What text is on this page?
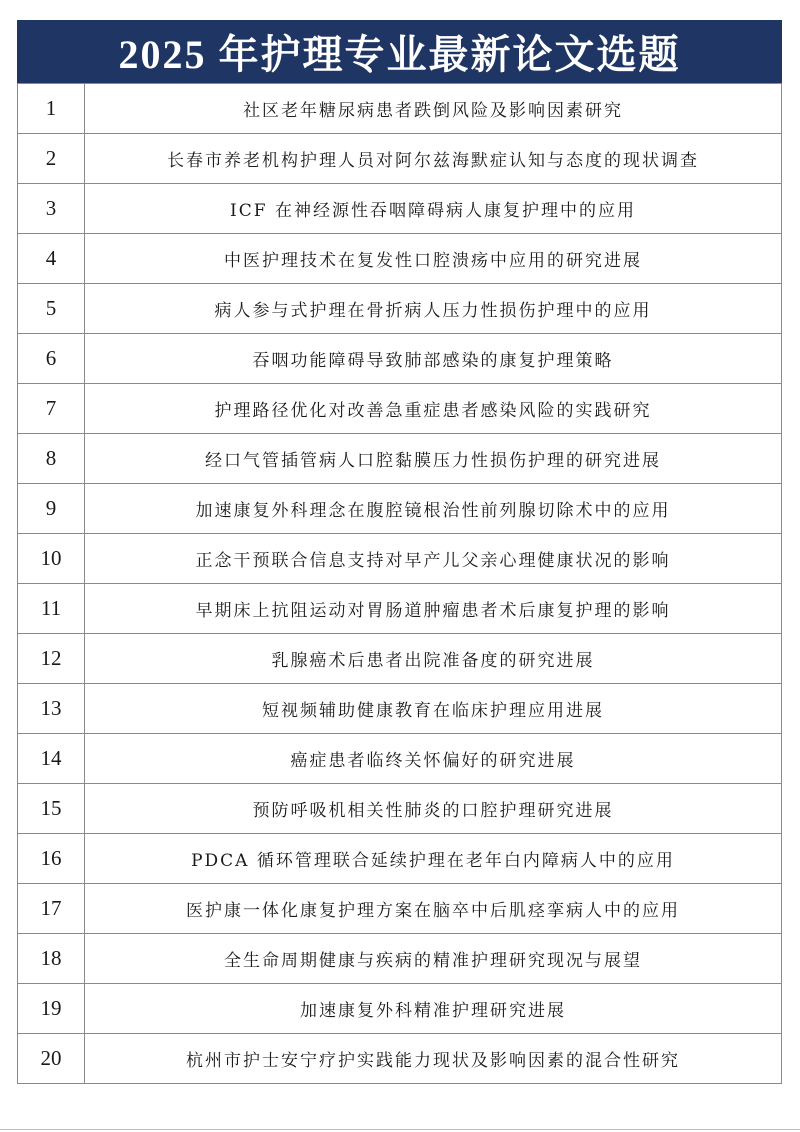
2025 年护理专业最新论文选题
1	社区老年糖尿病患者跌倒风险及影响因素研究
2	长春市养老机构护理人员对阿尔兹海默症认知与态度的现状调查
3	ICF 在神经源性吞咽障碍病人康复护理中的应用
4	中医护理技术在复发性口腔溃疡中应用的研究进展
5	病人参与式护理在骨折病人压力性损伤护理中的应用
6	吞咽功能障碍导致肺部感染的康复护理策略
7	护理路径优化对改善急重症患者感染风险的实践研究
8	经口气管插管病人口腔黏膜压力性损伤护理的研究进展
9	加速康复外科理念在腹腔镜根治性前列腺切除术中的应用
10	正念干预联合信息支持对早产儿父亲心理健康状况的影响
11	早期床上抗阻运动对胃肠道肿瘤患者术后康复护理的影响
12	乳腺癌术后患者出院准备度的研究进展
13	短视频辅助健康教育在临床护理应用进展
14	癌症患者临终关怀偏好的研究进展
15	预防呼吸机相关性肺炎的口腔护理研究进展
16	PDCA 循环管理联合延续护理在老年白内障病人中的应用
17	医护康一体化康复护理方案在脑卒中后肌痉挛病人中的应用
18	全生命周期健康与疾病的精准护理研究现况与展望
19	加速康复外科精准护理研究进展
20	杭州市护士安宁疗护实践能力现状及影响因素的混合性研究
